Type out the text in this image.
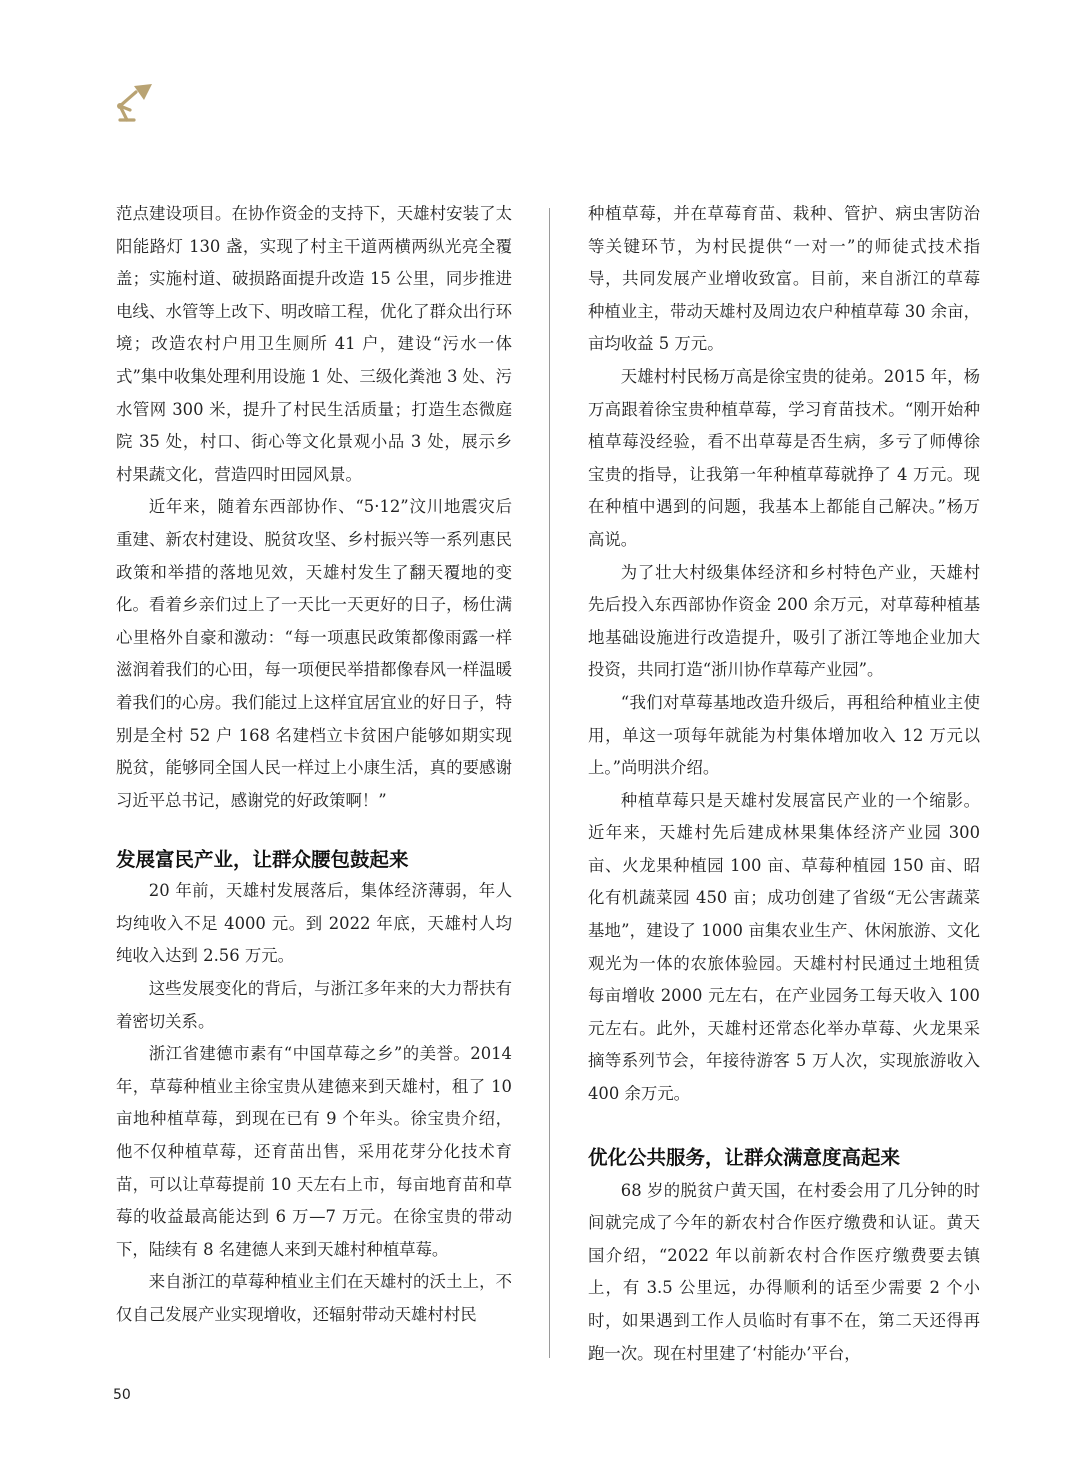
范点建设项目。在协作资金的支持下，天雄村安装了太阳能路灯 130 盏，实现了村主干道两横两纵光亮全覆盖；实施村道、破损路面提升改造 15 公里，同步推进电线、水管等上改下、明改暗工程，优化了群众出行环境；改造农村户用卫生厕所 41 户，建设“污水一体式”集中收集处理利用设施 1 处、三级化粪池 3 处、污水管网 300 米，提升了村民生活质量；打造生态微庭院 35 处，村口、街心等文化景观小品 3 处，展示乡村果蔬文化，营造四时田园风景。

近年来，随着东西部协作、“5·12”汶川地震灾后重建、新农村建设、脱贫攻坚、乡村振兴等一系列惠民政策和举措的落地见效，天雄村发生了翻天覆地的变化。看着乡亲们过上了一天比一天更好的日子，杨仕满心里格外自豪和激动：“每一项惠民政策都像雨露一样滋润着我们的心田，每一项便民举措都像春风一样温暖着我们的心房。我们能过上这样宜居宜业的好日子，特别是全村 52 户 168 名建档立卡贫困户能够如期实现脱贫，能够同全国人民一样过上小康生活，真的要感谢习近平总书记，感谢党的好政策啊！”

发展富民产业，让群众腰包鼓起来

20 年前，天雄村发展落后，集体经济薄弱，年人均纯收入不足 4000 元。到 2022 年底，天雄村人均纯收入达到 2.56 万元。

这些发展变化的背后，与浙江多年来的大力帮扶有着密切关系。

浙江省建德市素有“中国草莓之乡”的美誉。2014 年，草莓种植业主徐宝贵从建德来到天雄村，租了 10 亩地种植草莓，到现在已有 9 个年头。徐宝贵介绍，他不仅种植草莓，还育苗出售，采用花芽分化技术育苗，可以让草莓提前 10 天左右上市，每亩地育苗和草莓的收益最高能达到 6 万—7 万元。在徐宝贵的带动下，陆续有 8 名建德人来到天雄村种植草莓。

来自浙江的草莓种植业主们在天雄村的沃土上，不仅自己发展产业实现增收，还辐射带动天雄村村民

种植草莓，并在草莓育苗、栽种、管护、病虫害防治等关键环节，为村民提供“一对一”的师徒式技术指导，共同发展产业增收致富。目前，来自浙江的草莓种植业主，带动天雄村及周边农户种植草莓 30 余亩，亩均收益 5 万元。

天雄村村民杨万高是徐宝贵的徒弟。2015 年，杨万高跟着徐宝贵种植草莓，学习育苗技术。“刚开始种植草莓没经验，看不出草莓是否生病，多亏了师傅徐宝贵的指导，让我第一年种植草莓就挣了 4 万元。现在种植中遇到的问题，我基本上都能自己解决。”杨万高说。

为了壮大村级集体经济和乡村特色产业，天雄村先后投入东西部协作资金 200 余万元，对草莓种植基地基础设施进行改造提升，吸引了浙江等地企业加大投资，共同打造“浙川协作草莓产业园”。

“我们对草莓基地改造升级后，再租给种植业主使用，单这一项每年就能为村集体增加收入 12 万元以上。”尚明洪介绍。

种植草莓只是天雄村发展富民产业的一个缩影。近年来，天雄村先后建成林果集体经济产业园 300 亩、火龙果种植园 100 亩、草莓种植园 150 亩、昭化有机蔬菜园 450 亩；成功创建了省级“无公害蔬菜基地”，建设了 1000 亩集农业生产、休闲旅游、文化观光为一体的农旅体验园。天雄村村民通过土地租赁每亩增收 2000 元左右，在产业园务工每天收入 100 元左右。此外，天雄村还常态化举办草莓、火龙果采摘等系列节会，年接待游客 5 万人次，实现旅游收入 400 余万元。

优化公共服务，让群众满意度高起来

68 岁的脱贫户黄天国，在村委会用了几分钟的时间就完成了今年的新农村合作医疗缴费和认证。黄天国介绍，“2022 年以前新农村合作医疗缴费要去镇上，有 3.5 公里远，办得顺利的话至少需要 2 个小时，如果遇到工作人员临时有事不在，第二天还得再跑一次。现在村里建了‘村能办’平台，

50
